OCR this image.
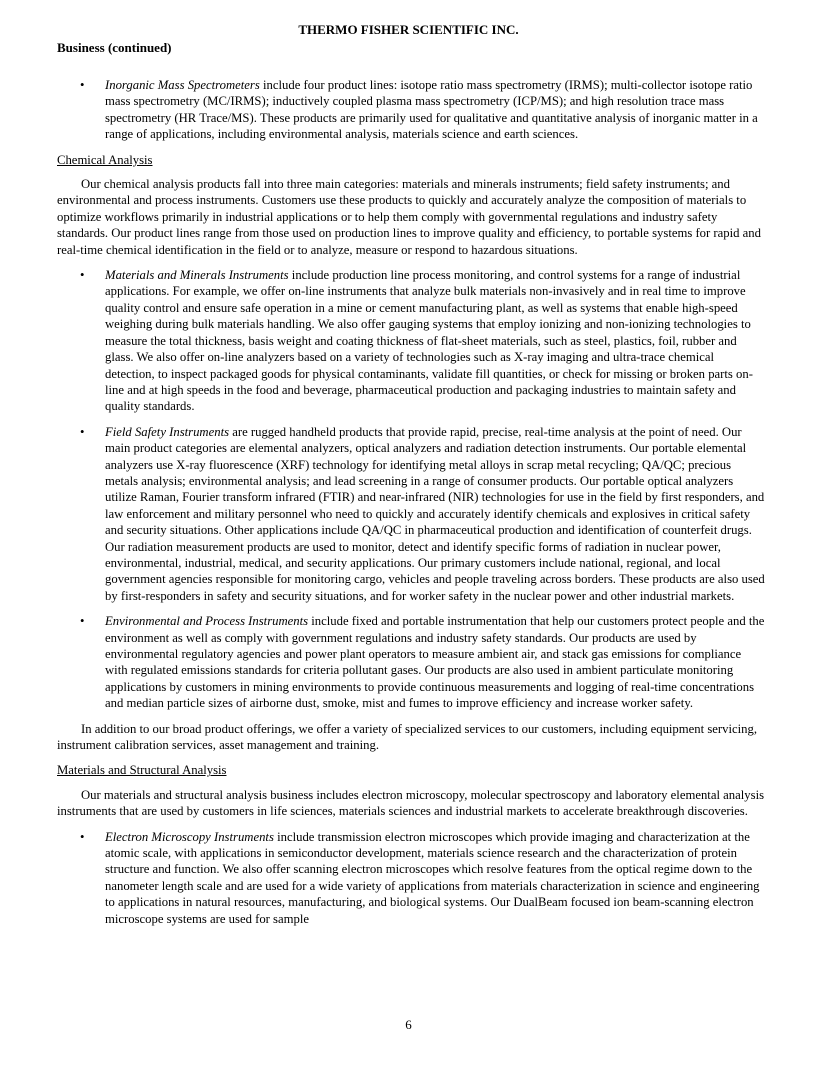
THERMO FISHER SCIENTIFIC INC.
Business (continued)
• Inorganic Mass Spectrometers include four product lines: isotope ratio mass spectrometry (IRMS); multi-collector isotope ratio mass spectrometry (MC/IRMS); inductively coupled plasma mass spectrometry (ICP/MS); and high resolution trace mass spectrometry (HR Trace/MS). These products are primarily used for qualitative and quantitative analysis of inorganic matter in a range of applications, including environmental analysis, materials science and earth sciences.

Chemical Analysis

Our chemical analysis products fall into three main categories: materials and minerals instruments; field safety instruments; and environmental and process instruments. Customers use these products to quickly and accurately analyze the composition of materials to optimize workflows primarily in industrial applications or to help them comply with governmental regulations and industry safety standards. Our product lines range from those used on production lines to improve quality and efficiency, to portable systems for rapid and real-time chemical identification in the field or to analyze, measure or respond to hazardous situations.

• Materials and Minerals Instruments include production line process monitoring, and control systems for a range of industrial applications. For example, we offer on-line instruments that analyze bulk materials non-invasively and in real time to improve quality control and ensure safe operation in a mine or cement manufacturing plant, as well as systems that enable high-speed weighing during bulk materials handling. We also offer gauging systems that employ ionizing and non-ionizing technologies to measure the total thickness, basis weight and coating thickness of flat-sheet materials, such as steel, plastics, foil, rubber and glass. We also offer on-line analyzers based on a variety of technologies such as X-ray imaging and ultra-trace chemical detection, to inspect packaged goods for physical contaminants, validate fill quantities, or check for missing or broken parts on-line and at high speeds in the food and beverage, pharmaceutical production and packaging industries to maintain safety and quality standards.

• Field Safety Instruments are rugged handheld products that provide rapid, precise, real-time analysis at the point of need. Our main product categories are elemental analyzers, optical analyzers and radiation detection instruments. Our portable elemental analyzers use X-ray fluorescence (XRF) technology for identifying metal alloys in scrap metal recycling; QA/QC; precious metals analysis; environmental analysis; and lead screening in a range of consumer products. Our portable optical analyzers utilize Raman, Fourier transform infrared (FTIR) and near-infrared (NIR) technologies for use in the field by first responders, and law enforcement and military personnel who need to quickly and accurately identify chemicals and explosives in critical safety and security situations. Other applications include QA/QC in pharmaceutical production and identification of counterfeit drugs. Our radiation measurement products are used to monitor, detect and identify specific forms of radiation in nuclear power, environmental, industrial, medical, and security applications. Our primary customers include national, regional, and local government agencies responsible for monitoring cargo, vehicles and people traveling across borders. These products are also used by first-responders in safety and security situations, and for worker safety in the nuclear power and other industrial markets.

• Environmental and Process Instruments include fixed and portable instrumentation that help our customers protect people and the environment as well as comply with government regulations and industry safety standards. Our products are used by environmental regulatory agencies and power plant operators to measure ambient air, and stack gas emissions for compliance with regulated emissions standards for criteria pollutant gases. Our products are also used in ambient particulate monitoring applications by customers in mining environments to provide continuous measurements and logging of real-time concentrations and median particle sizes of airborne dust, smoke, mist and fumes to improve efficiency and increase worker safety.

In addition to our broad product offerings, we offer a variety of specialized services to our customers, including equipment servicing, instrument calibration services, asset management and training.

Materials and Structural Analysis

Our materials and structural analysis business includes electron microscopy, molecular spectroscopy and laboratory elemental analysis instruments that are used by customers in life sciences, materials sciences and industrial markets to accelerate breakthrough discoveries.

• Electron Microscopy Instruments include transmission electron microscopes which provide imaging and characterization at the atomic scale, with applications in semiconductor development, materials science research and the characterization of protein structure and function. We also offer scanning electron microscopes which resolve features from the optical regime down to the nanometer length scale and are used for a wide variety of applications from materials characterization in science and engineering to applications in natural resources, manufacturing, and biological systems. Our DualBeam focused ion beam-scanning electron microscope systems are used for sample

6
